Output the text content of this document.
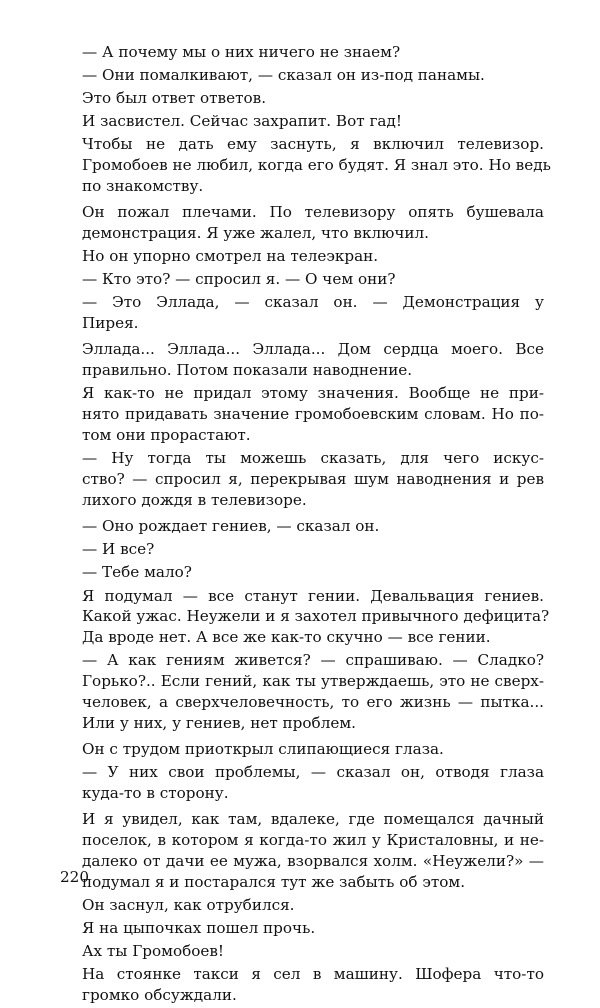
— А почему мы о них ничего не знаем?

— Они помалкивают, — сказал он из-под панамы.

Это был ответ ответов.

И засвистел. Сейчас захрапит. Вот гад!

Чтобы не дать ему заснуть, я включил телевизор.
Громобоев не любил, когда его будят. Я знал это. Но ведь
по знакомству.

Он пожал плечами. По телевизору опять бушевала
демонстрация. Я уже жалел, что включил.

Но он упорно смотрел на телеэкран.

— Кто это? — спросил я. — О чем они?

— Это Эллада, — сказал он. — Демонстрация у
Пирея.

Эллада... Эллада... Эллада... Дом сердца моего. Все
правильно. Потом показали наводнение.

Я как-то не придал этому значения. Вообще не при-
нято придавать значение громобоевским словам. Но по-
том они прорастают.

— Ну тогда ты можешь сказать, для чего искус-
ство? — спросил я, перекрывая шум наводнения и рев
лихого дождя в телевизоре.

— Оно рождает гениев, — сказал он.

— И все?

— Тебе мало?

Я подумал — все станут гении. Девальвация гениев.
Какой ужас. Неужели и я захотел привычного дефицита?
Да вроде нет. А все же как-то скучно — все гении.

— А как гениям живется? — спрашиваю. — Сладко?
Горько?.. Если гений, как ты утверждаешь, это не сверх-
человек, а сверхчеловечность, то его жизнь — пытка...
Или у них, у гениев, нет проблем.

Он с трудом приоткрыл слипающиеся глаза.

— У них свои проблемы, — сказал он, отводя глаза
куда-то в сторону.

И я увидел, как там, вдалеке, где помещался дачный
поселок, в котором я когда-то жил у Кристаловны, и не-
далеко от дачи ее мужа, взорвался холм. «Неужели?» —
подумал я и постарался тут же забыть об этом.

Он заснул, как отрубился.

Я на цыпочках пошел прочь.

Ах ты Громобоев!

На стоянке такси я сел в машину. Шофера что-то
громко обсуждали.

220
